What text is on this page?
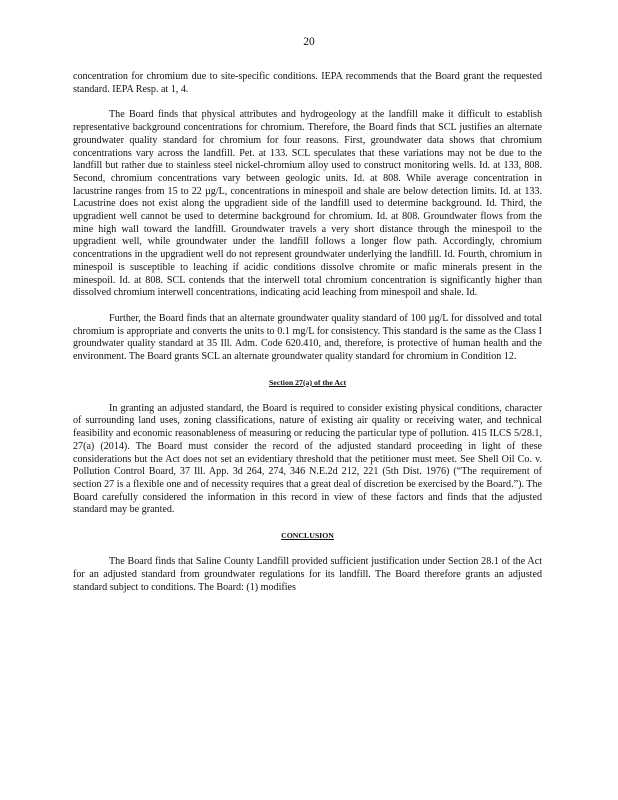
20

concentration for chromium due to site-specific conditions. IEPA recommends that the Board grant the requested standard. IEPA Resp. at 1, 4.

The Board finds that physical attributes and hydrogeology at the landfill make it difficult to establish representative background concentrations for chromium. Therefore, the Board finds that SCL justifies an alternate groundwater quality standard for chromium for four reasons. First, groundwater data shows that chromium concentrations vary across the landfill. Pet. at 133. SCL speculates that these variations may not be due to the landfill but rather due to stainless steel nickel-chromium alloy used to construct monitoring wells. Id. at 133, 808. Second, chromium concentrations vary between geologic units. Id. at 808. While average concentration in lacustrine ranges from 15 to 22 µg/L, concentrations in minespoil and shale are below detection limits. Id. at 133. Lacustrine does not exist along the upgradient side of the landfill used to determine background. Id. Third, the upgradient well cannot be used to determine background for chromium. Id. at 808. Groundwater flows from the mine high wall toward the landfill. Groundwater travels a very short distance through the minespoil to the upgradient well, while groundwater under the landfill follows a longer flow path. Accordingly, chromium concentrations in the upgradient well do not represent groundwater underlying the landfill. Id. Fourth, chromium in minespoil is susceptible to leaching if acidic conditions dissolve chromite or mafic minerals present in the minespoil. Id. at 808. SCL contends that the interwell total chromium concentration is significantly higher than dissolved chromium interwell concentrations, indicating acid leaching from minespoil and shale. Id.

Further, the Board finds that an alternate groundwater quality standard of 100 µg/L for dissolved and total chromium is appropriate and converts the units to 0.1 mg/L for consistency. This standard is the same as the Class I groundwater quality standard at 35 Ill. Adm. Code 620.410, and, therefore, is protective of human health and the environment. The Board grants SCL an alternate groundwater quality standard for chromium in Condition 12.

Section 27(a) of the Act

In granting an adjusted standard, the Board is required to consider existing physical conditions, character of surrounding land uses, zoning classifications, nature of existing air quality or receiving water, and technical feasibility and economic reasonableness of measuring or reducing the particular type of pollution. 415 ILCS 5/28.1, 27(a) (2014). The Board must consider the record of the adjusted standard proceeding in light of these considerations but the Act does not set an evidentiary threshold that the petitioner must meet. See Shell Oil Co. v. Pollution Control Board, 37 Ill. App. 3d 264, 274, 346 N.E.2d 212, 221 (5th Dist. 1976) (“The requirement of section 27 is a flexible one and of necessity requires that a great deal of discretion be exercised by the Board.”). The Board carefully considered the information in this record in view of these factors and finds that the adjusted standard may be granted.

CONCLUSION

The Board finds that Saline County Landfill provided sufficient justification under Section 28.1 of the Act for an adjusted standard from groundwater regulations for its landfill. The Board therefore grants an adjusted standard subject to conditions. The Board: (1) modifies
